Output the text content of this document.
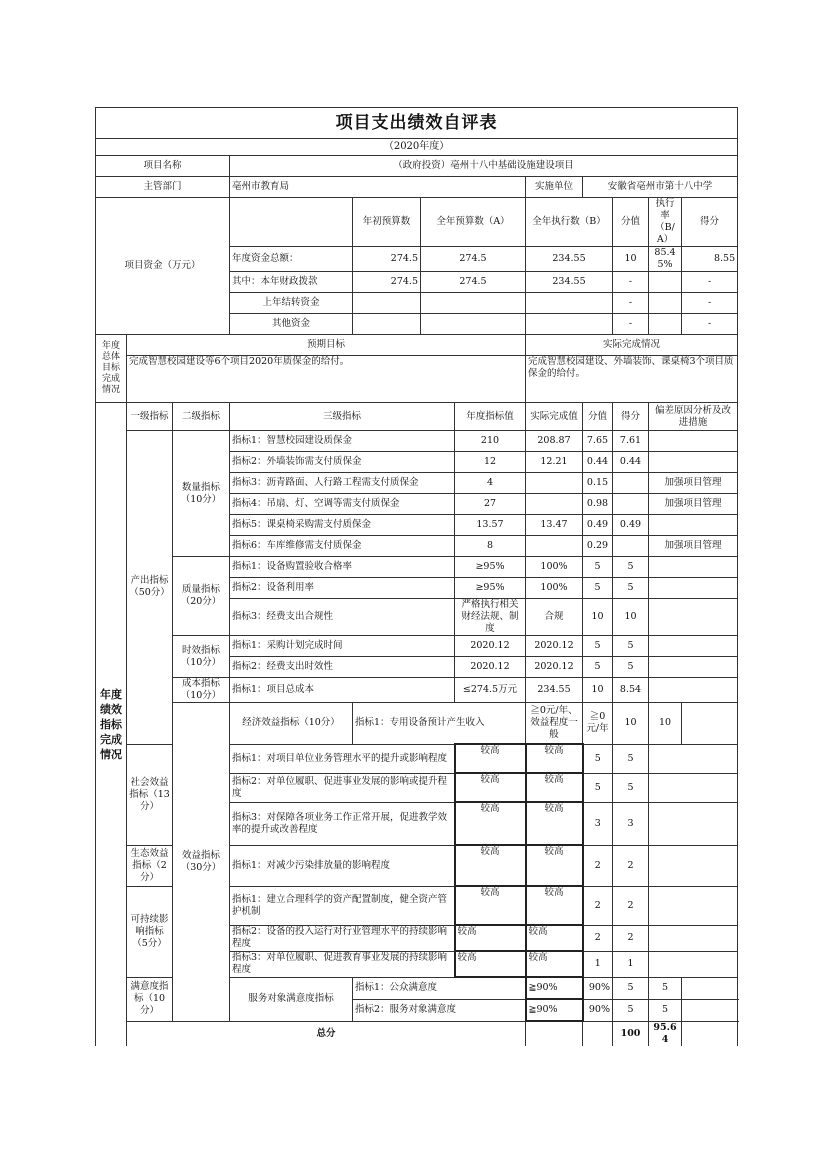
项目支出绩效自评表											
（2020年度）											
项目名称			（政府投资）亳州十八中基础设施建设项目								
主管部门			亳州市教育局				实施单位	安徽省亳州市第十八中学			
项目资金（万元）				年初预算数	全年预算数（A）		全年执行数（B）		分值	执行率（B/A）	得分
			年度资金总额：	274.5	274.5		234.55		10	85.45%	8.55
			其中：本年财政拨款	274.5	274.5		234.55		-		-
			上年结转资金						-		-
			其他资金						-		-
年度总体目标完成情况	预期目标						实际完成情况				
	完成智慧校园建设等6个项目2020年质保金的给付。						完成智慧校园建设、外墙装饰、课桌椅3个项目质保金的给付。				
年度绩效指标完成情况	一级指标	二级指标	三级指标			年度指标值	实际完成值	分值	得分	偏差原因分析及改进措施	
	产出指标（50分）	数量指标（10分）	指标1：智慧校园建设质保金			210	208.87	7.65	7.61		
			指标2：外墙装饰需支付质保金			12	12.21	0.44	0.44		
			指标3：沥青路面、人行路工程需支付质保金			4		0.15		加强项目管理	
			指标4：吊扇、灯、空调等需支付质保金			27		0.98		加强项目管理	
			指标5：课桌椅采购需支付质保金			13.57	13.47	0.49	0.49		
			指标6：车库维修需支付质保金			8		0.29		加强项目管理	
		质量指标（20分）	指标1：设备购置验收合格率			≥95%	100%	5	5		
			指标2：设备利用率			≥95%	100%	5	5		
			指标3：经费支出合规性			严格执行相关财经法规、制度	合规	10	10		
		时效指标（10分）	指标1：采购计划完成时间			2020.12	2020.12	5	5		
			指标2：经费支出时效性			2020.12	2020.12	5	5		
		成本指标（10分）	指标1：项目总成本			≤274.5万元	234.55	10	8.54		
		效益指标（30分）	经济效益指标（10分）	指标1：专用设备预计产生收入			≧0元/年、效益程度一般	≧0元/年	10	10	
	社会效益指标（13分）		指标1：对项目单位业务管理水平的提升或影响程度			较高	较高	5	5		
			指标2：对单位履职、促进事业发展的影响或提升程度			较高	较高	5	5		
			指标3：对保障各项业务工作正常开展，促进教学效率的提升或改善程度			较高	较高	3	3		
	生态效益指标（2分）		指标1：对减少污染排放量的影响程度			较高	较高	2	2		
	可持续影响指标（5分）		指标1：建立合理科学的资产配置制度，健全资产管护机制			较高	较高	2	2		
			指标2：设备的投入运行对行业管理水平的持续影响程度			较高	较高	2	2		
			指标3：对单位履职、促进教育事业发展的持续影响程度			较高	较高	1	1		
	满意度指标（10分）		服务对象满意度指标	指标1：公众满意度			≧90%	90%	5	5	
				指标2：服务对象满意度			≧90%	90%	5	5	
	总分								100	95.64	
